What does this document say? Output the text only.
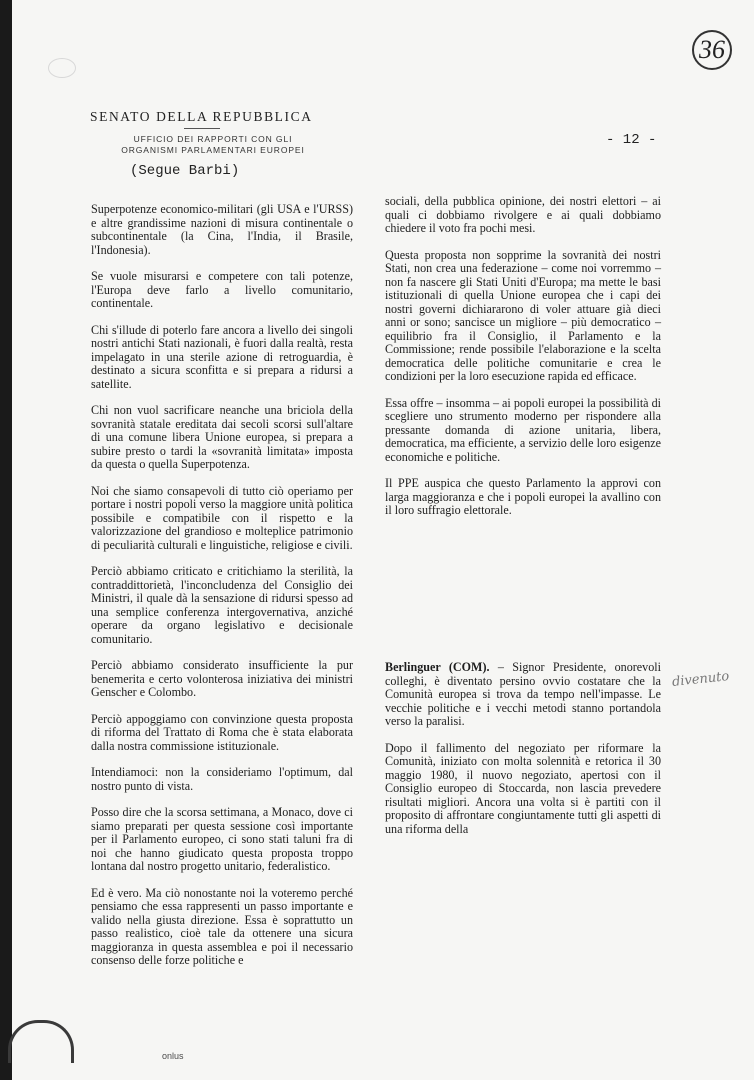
36
SENATO DELLA REPUBBLICA
UFFICIO DEI RAPPORTI CON GLI
ORGANISMI PARLAMENTARI EUROPEI
- 12 -
(Segue Barbi)

Superpotenze economico-militari (gli USA e l'URSS) e altre grandissime nazioni di misura continentale o subcontinentale (la Cina, l'India, il Brasile, l'Indonesia).

Se vuole misurarsi e competere con tali potenze, l'Europa deve farlo a livello comunitario, continentale.

Chi s'illude di poterlo fare ancora a livello dei singoli nostri antichi Stati nazionali, è fuori dalla realtà, resta impelagato in una sterile azione di retroguardia, è destinato a sicura sconfitta e si prepara a ridursi a satellite.

Chi non vuol sacrificare neanche una briciola della sovranità statale ereditata dai secoli scorsi sull'altare di una comune libera Unione europea, si prepara a subire presto o tardi la «sovranità limitata» imposta da questa o quella Superpotenza.

Noi che siamo consapevoli di tutto ciò operiamo per portare i nostri popoli verso la maggiore unità politica possibile e compatibile con il rispetto e la valorizzazione del grandioso e molteplice patrimonio di peculiarità culturali e linguistiche, religiose e civili.

Perciò abbiamo criticato e critichiamo la sterilità, la contraddittorietà, l'inconcludenza del Consiglio dei Ministri, il quale dà la sensazione di ridursi spesso ad una semplice conferenza intergovernativa, anziché operare da organo legislativo e decisionale comunitario.

Perciò abbiamo considerato insufficiente la pur benemerita e certo volonterosa iniziativa dei ministri Genscher e Colombo.

Perciò appoggiamo con convinzione questa proposta di riforma del Trattato di Roma che è stata elaborata dalla nostra commissione istituzionale.

Intendiamoci: non la consideriamo l'optimum, dal nostro punto di vista.

Posso dire che la scorsa settimana, a Monaco, dove ci siamo preparati per questa sessione così importante per il Parlamento europeo, ci sono stati taluni fra di noi che hanno giudicato questa proposta troppo lontana dal nostro progetto unitario, federalistico.

Ed è vero. Ma ciò nonostante noi la voteremo perché pensiamo che essa rappresenti un passo importante e valido nella giusta direzione. Essa è soprattutto un passo realistico, cioè tale da ottenere una sicura maggioranza in questa assemblea e poi il necessario consenso delle forze politiche e

sociali, della pubblica opinione, dei nostri elettori – ai quali ci dobbiamo rivolgere e ai quali dobbiamo chiedere il voto fra pochi mesi.

Questa proposta non sopprime la sovranità dei nostri Stati, non crea una federazione – come noi vorremmo – non fa nascere gli Stati Uniti d'Europa; ma mette le basi istituzionali di quella Unione europea che i capi dei nostri governi dichiararono di voler attuare già dieci anni or sono; sancisce un migliore – più democratico – equilibrio fra il Consiglio, il Parlamento e la Commissione; rende possibile l'elaborazione e la scelta democratica delle politiche comunitarie e crea le condizioni per la loro esecuzione rapida ed efficace.

Essa offre – insomma – ai popoli europei la possibilità di scegliere uno strumento moderno per rispondere alla pressante domanda di azione unitaria, libera, democratica, ma efficiente, a servizio delle loro esigenze economiche e politiche.

Il PPE auspica che questo Parlamento la approvi con larga maggioranza e che i popoli europei la avallino con il loro suffragio elettorale.

Berlinguer (COM). – Signor Presidente, onorevoli colleghi, è diventato persino ovvio costatare che la Comunità europea si trova da tempo nell'impasse. Le vecchie politiche e i vecchi metodi stanno portandola verso la paralisi.

Dopo il fallimento del negoziato per riformare la Comunità, iniziato con molta solennità e retorica il 30 maggio 1980, il nuovo negoziato, apertosi con il Consiglio europeo di Stoccarda, non lascia prevedere risultati migliori. Ancora una volta si è partiti con il proposito di affrontare congiuntamente tutti gli aspetti di una riforma della

divenuto
onlus
